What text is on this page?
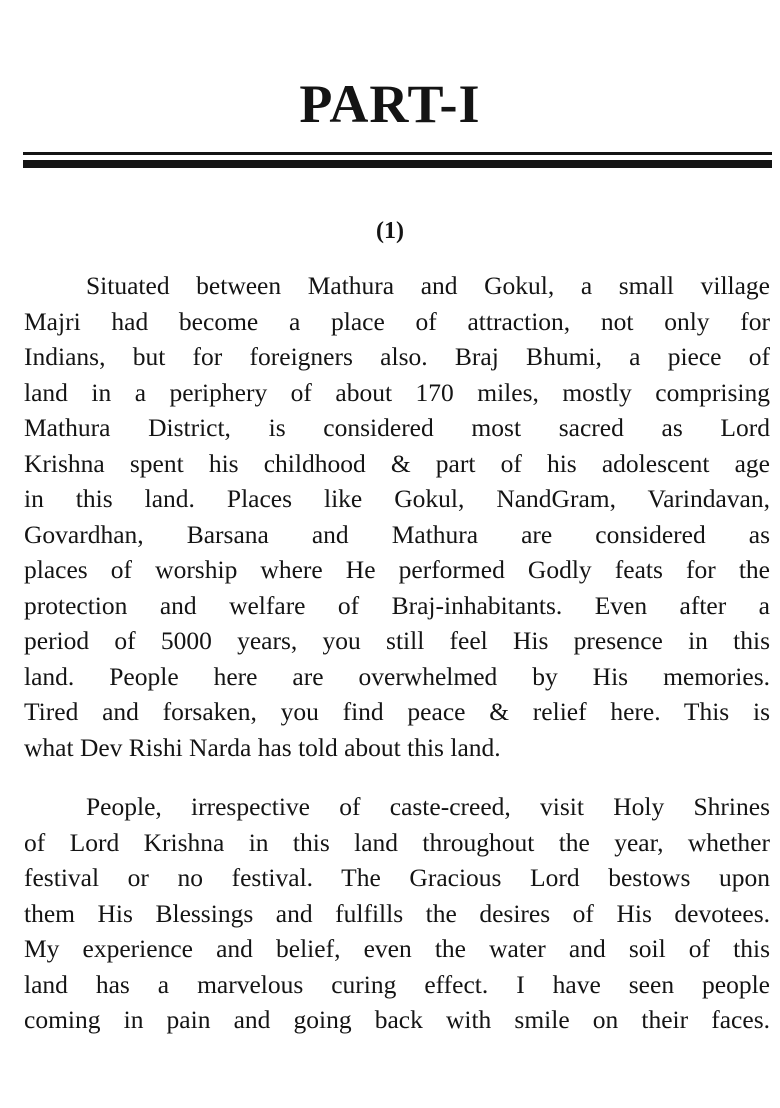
PART-I
(1)
Situated between Mathura and Gokul, a small village
Majri had become a place of attraction, not only for
Indians, but for foreigners also. Braj Bhumi, a piece of
land in a periphery of about 170 miles, mostly comprising
Mathura District, is considered most sacred as Lord
Krishna spent his childhood & part of his adolescent age
in this land. Places like Gokul, NandGram, Varindavan,
Govardhan, Barsana and Mathura are considered as
places of worship where He performed Godly feats for the
protection and welfare of Braj-inhabitants. Even after a
period of 5000 years, you still feel His presence in this
land. People here are overwhelmed by His memories.
Tired and forsaken, you find peace & relief here. This is
what Dev Rishi Narda has told about this land.
People, irrespective of caste-creed, visit Holy Shrines
of Lord Krishna in this land throughout the year, whether
festival or no festival. The Gracious Lord bestows upon
them His Blessings and fulfills the desires of His devotees.
My experience and belief, even the water and soil of this
land has a marvelous curing effect. I have seen people
coming in pain and going back with smile on their faces.
